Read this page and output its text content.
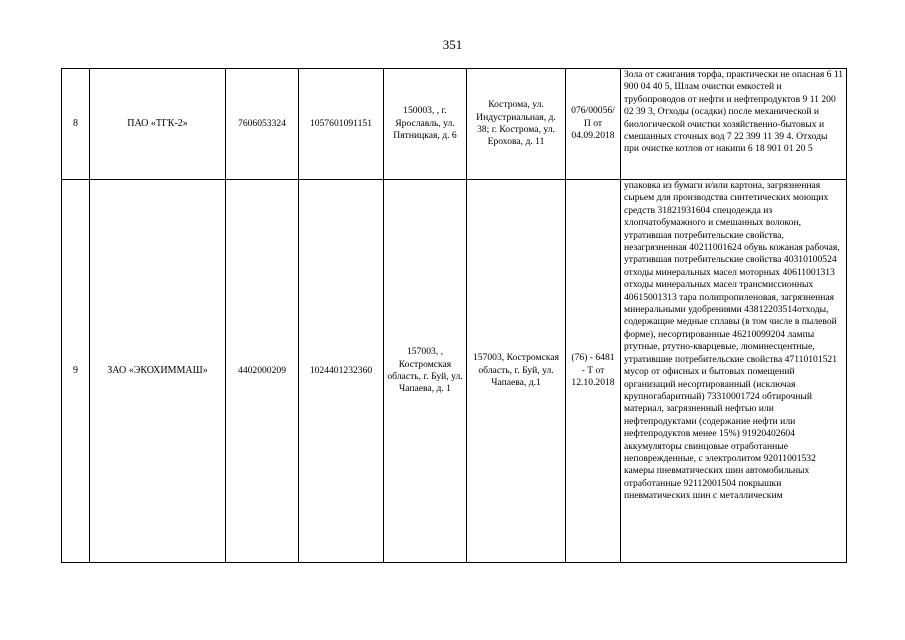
351
8	ПАО «ТГК-2»	7606053324	1057601091151	150003, , г. Ярославль, ул. Пятницкая, д. 6	Кострома, ул. Индустриальная, д. 38; г. Кострома, ул. Ерохова, д. 11	076/00056/ П от 04.09.2018	Зола от сжигания торфа, практически не опасная 6 11 900 04 40 5, Шлам очистки емкостей и трубопроводов от нефти и нефтепродуктов 9 11 200 02 39 3, Отходы (осадки) после механической и биологической очистки хозяйственно-бытовых и смешанных сточных вод 7 22 399 11 39 4. Отходы при очистке котлов от накипи 6 18 901 01 20 5
9	ЗАО «ЭКОХИММАШ»	4402000209	1024401232360	157003, , Костромская область, г. Буй, ул. Чапаева, д. 1	157003, Костромская область, г. Буй, ул. Чапаева, д.1	(76) - 6481 - Т от 12.10.2018	упаковка из бумаги и/или картона, загрязненная сырьем для производства синтетических моющих средств 31821931604 спецодежда из хлопчатобумажного и смешанных волокон, утратившая потребительские свойства, незагрязненная 40211001624 обувь кожаная рабочая, утратившая потребительские свойства 40310100524 отходы минеральных масел моторных 40611001313 отходы минеральных масел трансмиссионных 40615001313 тара полипропиленовая, загрязненная минеральными удобрениями 43812203514отходы, содержащие медные сплавы (в том числе в пылевой форме), несортированные 46210099204 лампы ртутные, ртутно-кварцевые, люминесцентные, утратившие потребительские свойства 47110101521 мусор от офисных и бытовых помещений организаций несортированный (исключая крупногабаритный) 73310001724 обтирочный материал, загрязненный нефтью или нефтепродуктами (содержание нефти или нефтепродуктов менее 15%) 91920402604 аккумуляторы свинцовые отработанные неповрежденные, с электролитом 92011001532 камеры пневматических шин автомобильных отработанные 92112001504 покрышки пневматических шин с металлическим
